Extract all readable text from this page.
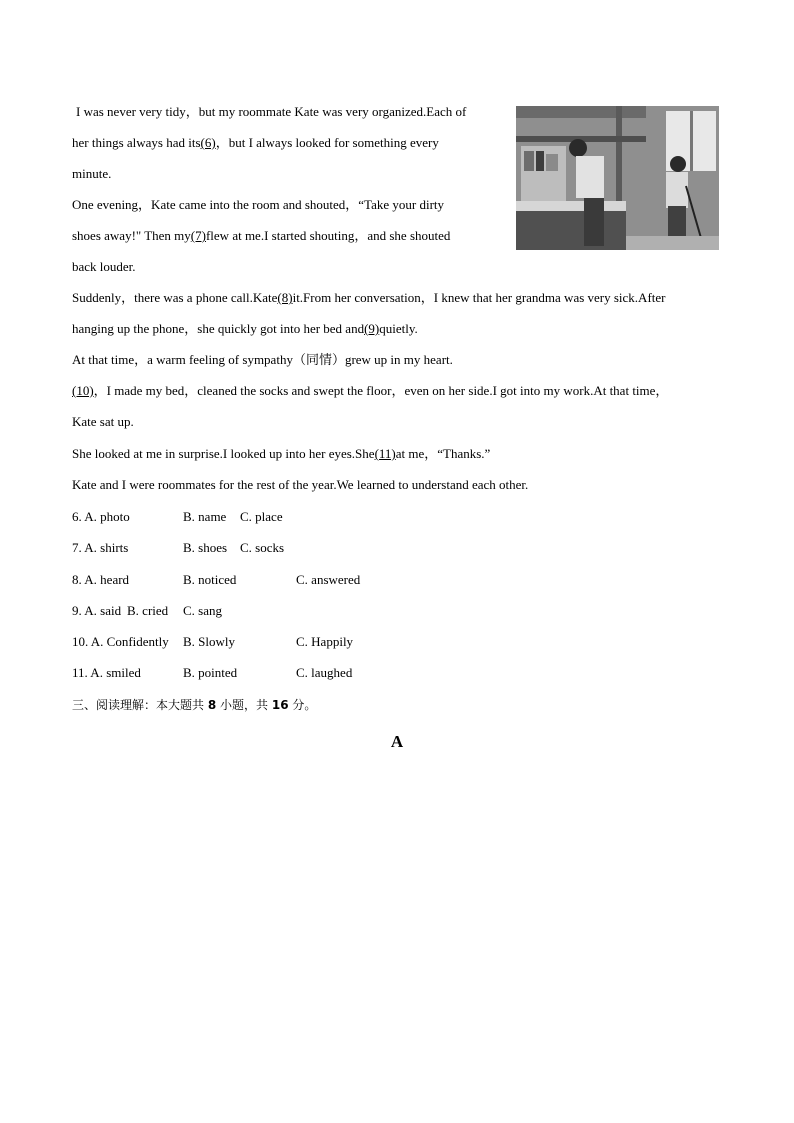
I was never very tidy，but my roommate Kate was very organized.Each of
her things always had its(6)，but I always looked for something every
minute.
One evening，Kate came into the room and shouted，“Take your dirty
shoes away!" Then my(7)flew at me.I started shouting，and she shouted
back louder.
Suddenly，there was a phone call.Kate(8)it.From her conversation，I knew that her grandma was very sick.After
hanging up the phone，she quickly got into her bed and(9)quietly.
At that time，a warm feeling of sympathy（同情）grew up in my heart.
(10)，I made my bed，cleaned the socks and swept the floor，even on her side.I got into my work.At that time，
Kate sat up.
She looked at me in surprise.I looked up into her eyes.She(11)at me，“Thanks.”
Kate and I were roommates for the rest of the year.We learned to understand each other.
6. A. photo	B. name C. place
7. A. shirts	B. shoes C. socks
8. A. heard	B. noticed	C. answered
9. A. said B. cried C. sang
10. A. Confidently B. Slowly	C. Happily
11. A. smiled	B. pointed	C. laughed
三、阅读理解：本大题共 8 小题，共 16 分。
A
